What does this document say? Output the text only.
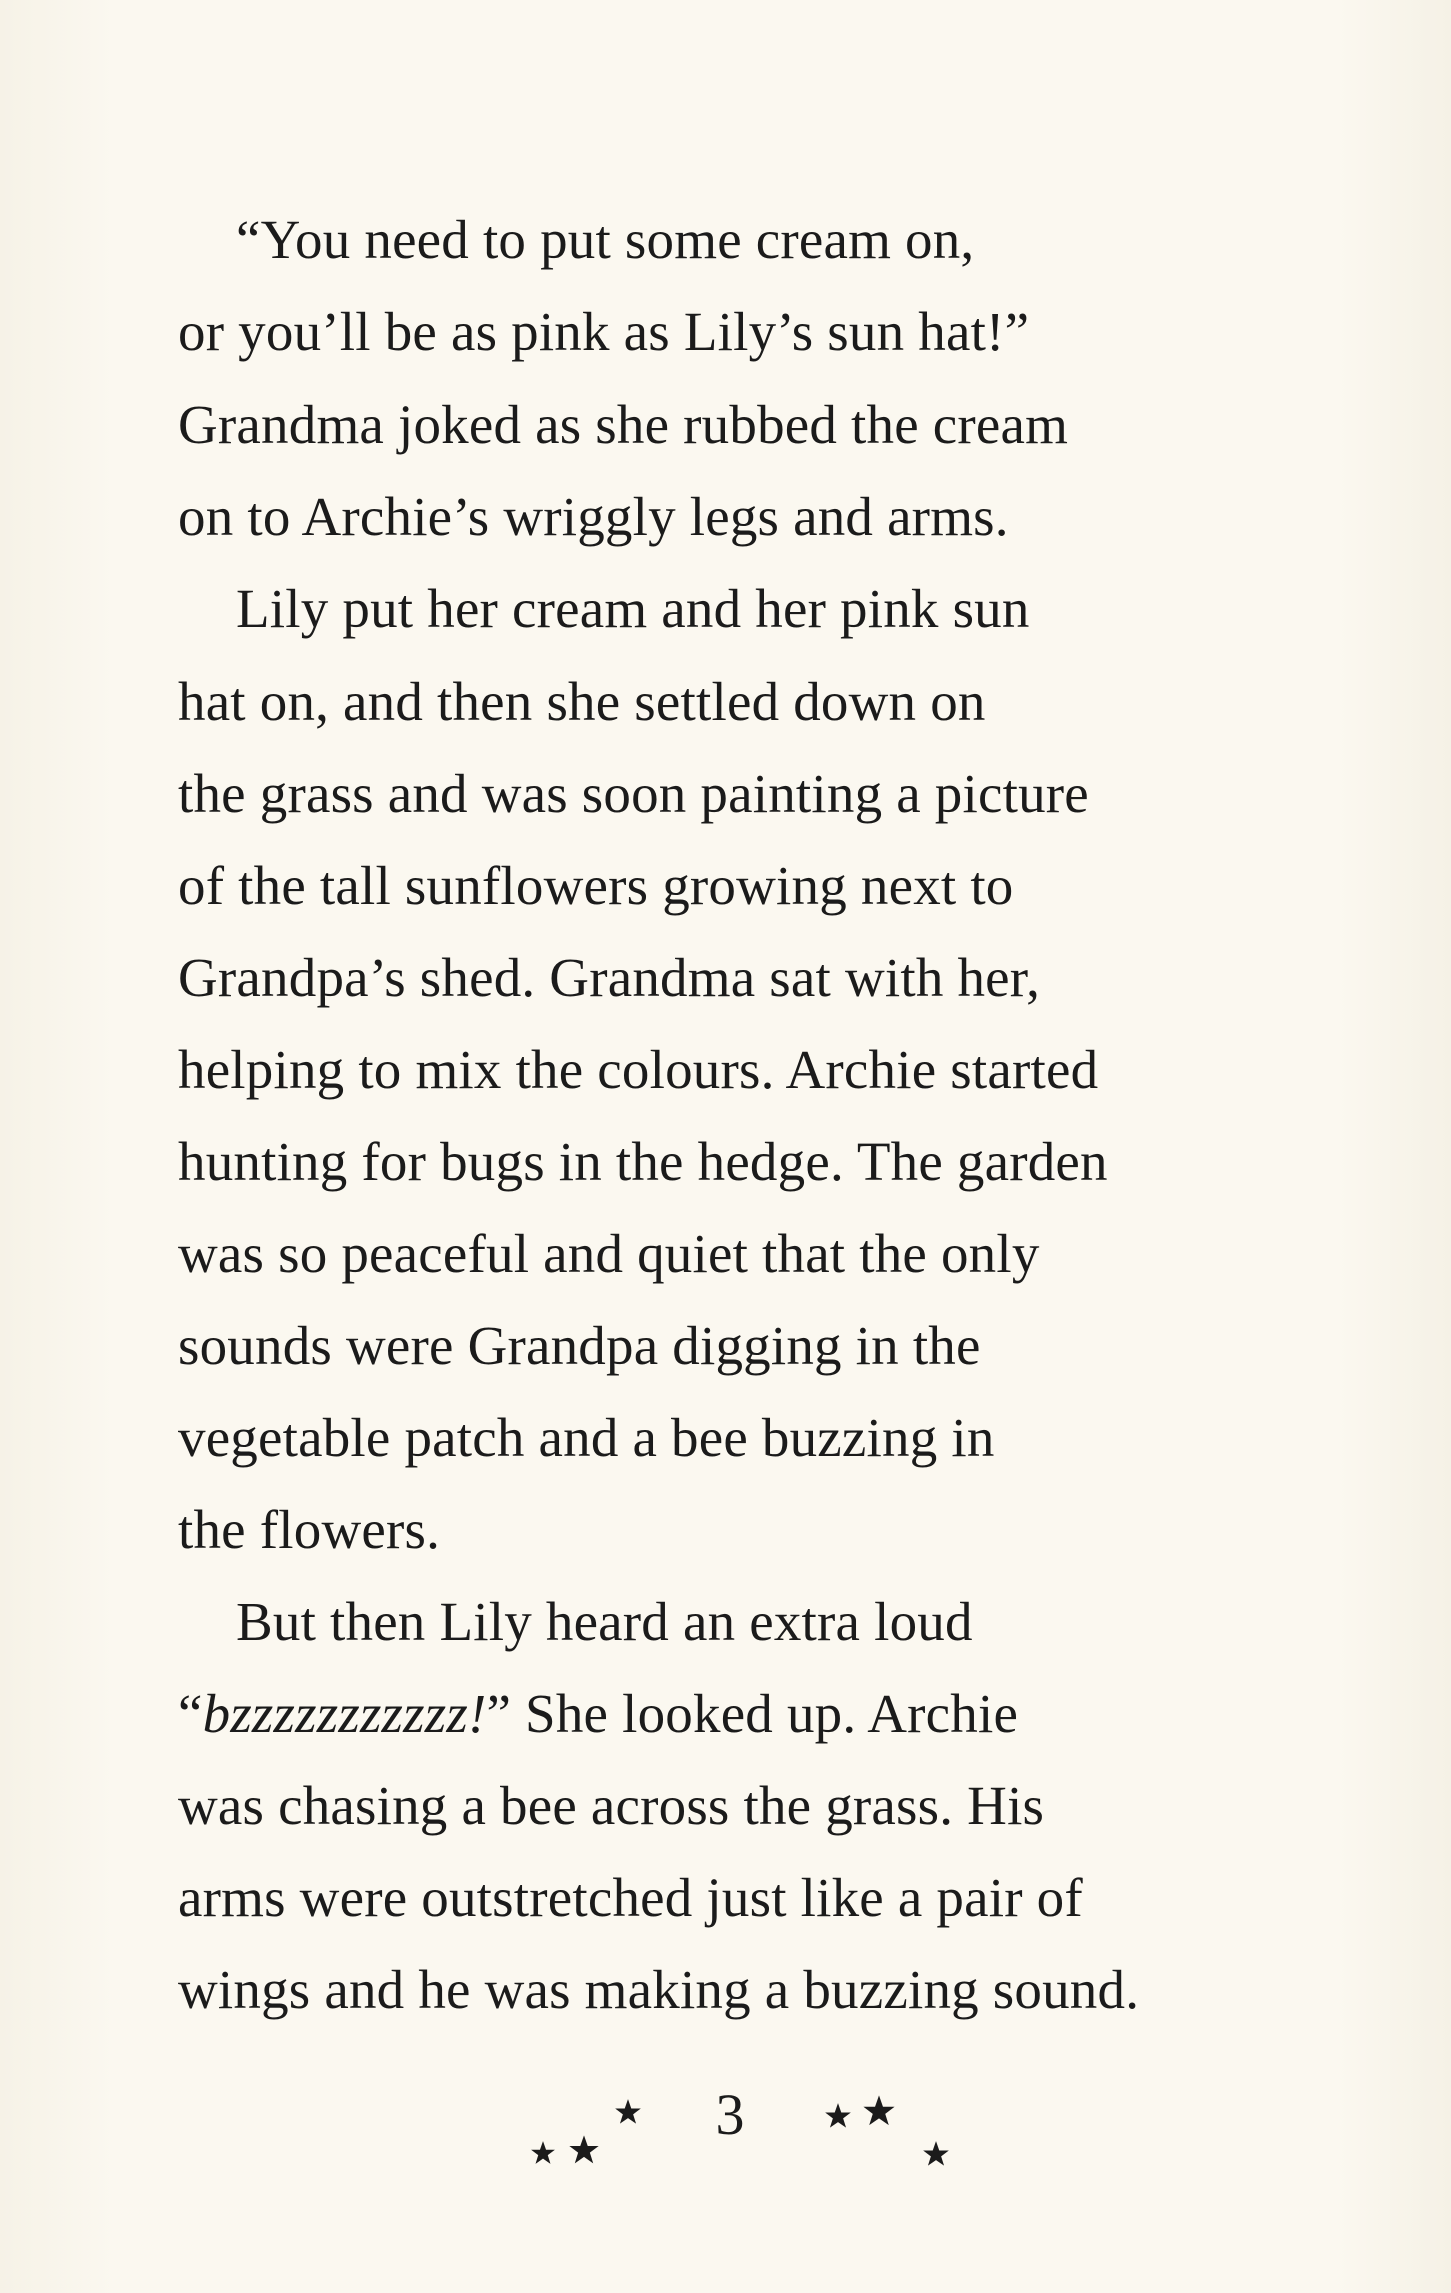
“You need to put some cream on,

or you’ll be as pink as Lily’s sun hat!”

Grandma joked as she rubbed the cream

on to Archie’s wriggly legs and arms.

Lily put her cream and her pink sun

hat on, and then she settled down on

the grass and was soon painting a picture

of the tall sunflowers growing next to

Grandpa’s shed. Grandma sat with her,

helping to mix the colours. Archie started

hunting for bugs in the hedge. The garden

was so peaceful and quiet that the only

sounds were Grandpa digging in the

vegetable patch and a bee buzzing in

the flowers.

But then Lily heard an extra loud

“bzzzzzzzzzzz!” She looked up. Archie

was chasing a bee across the grass. His

arms were outstretched just like a pair of

wings and he was making a buzzing sound.

3
